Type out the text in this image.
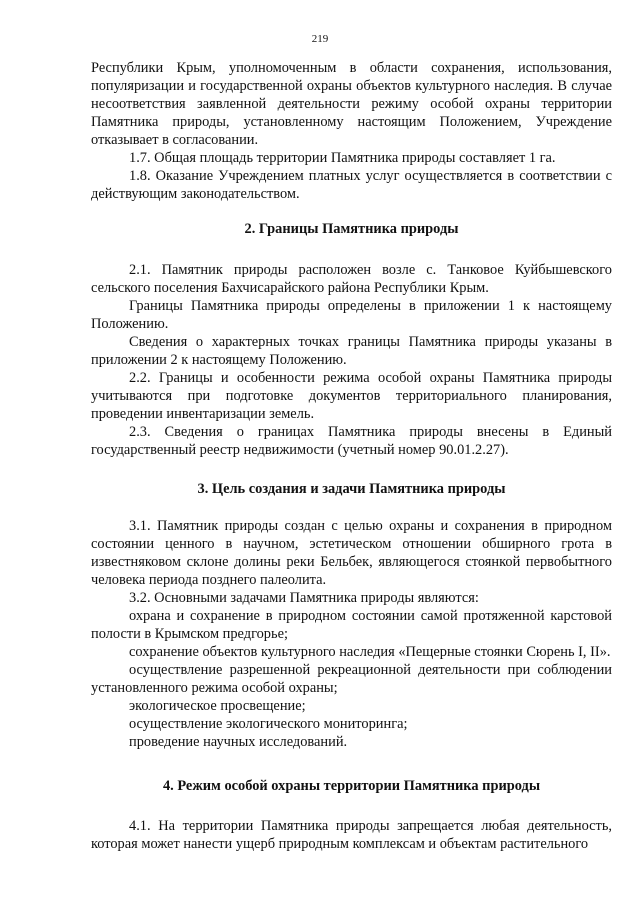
219

Республики Крым, уполномоченным в области сохранения, использования, популяризации и государственной охраны объектов культурного наследия. В случае несоответствия заявленной деятельности режиму особой охраны территории Памятника природы, установленному настоящим Положением, Учреждение отказывает в согласовании.

1.7. Общая площадь территории Памятника природы составляет 1 га.

1.8. Оказание Учреждением платных услуг осуществляется в соответствии с действующим законодательством.

2. Границы Памятника природы

2.1. Памятник природы расположен возле с. Танковое Куйбышевского сельского поселения Бахчисарайского района Республики Крым.

Границы Памятника природы определены в приложении 1 к настоящему Положению.

Сведения о характерных точках границы Памятника природы указаны в приложении 2 к настоящему Положению.

2.2. Границы и особенности режима особой охраны Памятника природы учитываются при подготовке документов территориального планирования, проведении инвентаризации земель.

2.3. Сведения о границах Памятника природы внесены в Единый государственный реестр недвижимости (учетный номер 90.01.2.27).

3. Цель создания и задачи Памятника природы

3.1. Памятник природы создан с целью охраны и сохранения в природном состоянии ценного в научном, эстетическом отношении обширного грота в известняковом склоне долины реки Бельбек, являющегося стоянкой первобытного человека периода позднего палеолита.

3.2. Основными задачами Памятника природы являются:

охрана и сохранение в природном состоянии самой протяженной карстовой полости в Крымском предгорье;

сохранение объектов культурного наследия «Пещерные стоянки Сюрень I, II».

осуществление разрешенной рекреационной деятельности при соблюдении установленного режима особой охраны;

экологическое просвещение;

осуществление экологического мониторинга;

проведение научных исследований.

4. Режим особой охраны территории Памятника природы

4.1. На территории Памятника природы запрещается любая деятельность, которая может нанести ущерб природным комплексам и объектам растительного
